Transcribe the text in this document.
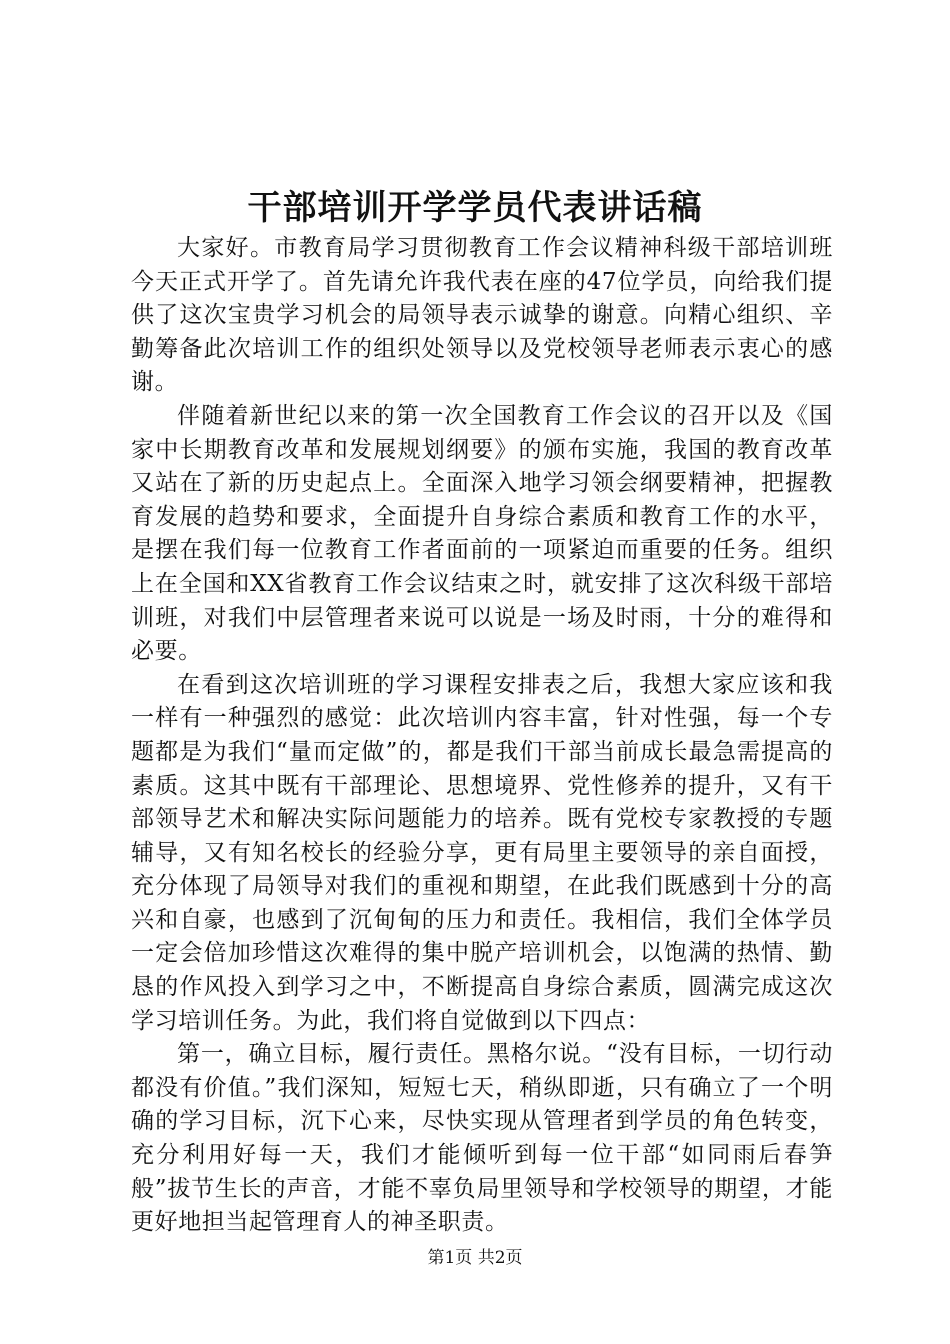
干部培训开学学员代表讲话稿

大家好。市教育局学习贯彻教育工作会议精神科级干部培训班今天正式开学了。首先请允许我代表在座的47位学员，向给我们提供了这次宝贵学习机会的局领导表示诚挚的谢意。向精心组织、辛勤筹备此次培训工作的组织处领导以及党校领导老师表示衷心的感谢。

伴随着新世纪以来的第一次全国教育工作会议的召开以及《国家中长期教育改革和发展规划纲要》的颁布实施，我国的教育改革又站在了新的历史起点上。全面深入地学习领会纲要精神，把握教育发展的趋势和要求，全面提升自身综合素质和教育工作的水平，是摆在我们每一位教育工作者面前的一项紧迫而重要的任务。组织上在全国和XX省教育工作会议结束之时，就安排了这次科级干部培训班，对我们中层管理者来说可以说是一场及时雨，十分的难得和必要。

在看到这次培训班的学习课程安排表之后，我想大家应该和我一样有一种强烈的感觉：此次培训内容丰富，针对性强，每一个专题都是为我们“量而定做”的，都是我们干部当前成长最急需提高的素质。这其中既有干部理论、思想境界、党性修养的提升，又有干部领导艺术和解决实际问题能力的培养。既有党校专家教授的专题辅导，又有知名校长的经验分享，更有局里主要领导的亲自面授，充分体现了局领导对我们的重视和期望，在此我们既感到十分的高兴和自豪，也感到了沉甸甸的压力和责任。我相信，我们全体学员一定会倍加珍惜这次难得的集中脱产培训机会，以饱满的热情、勤恳的作风投入到学习之中，不断提高自身综合素质，圆满完成这次学习培训任务。为此，我们将自觉做到以下四点：

第一，确立目标，履行责任。黑格尔说。“没有目标，一切行动都没有价值。”我们深知，短短七天，稍纵即逝，只有确立了一个明确的学习目标，沉下心来，尽快实现从管理者到学员的角色转变，充分利用好每一天，我们才能倾听到每一位干部“如同雨后春笋般”拔节生长的声音，才能不辜负局里领导和学校领导的期望，才能更好地担当起管理育人的神圣职责。

第1页 共2页
